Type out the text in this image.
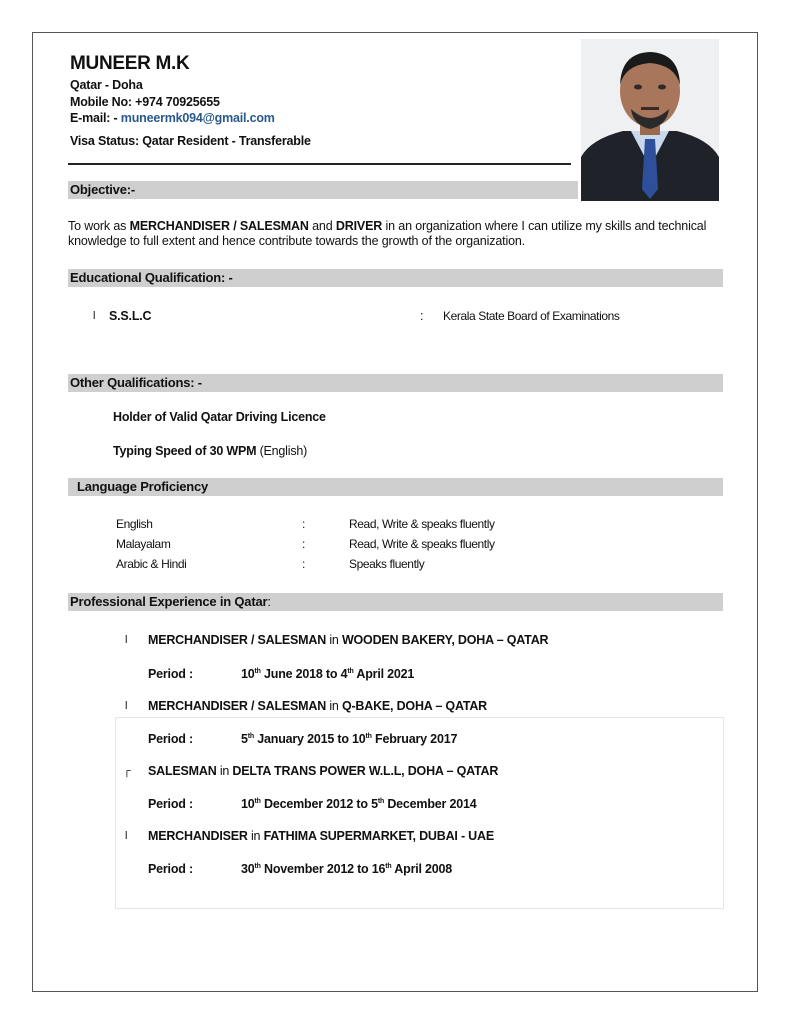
MUNEER M.K
Qatar - Doha
Mobile No: +974 70925655
E-mail: - muneermk094@gmail.com
Visa Status: Qatar Resident - Transferable
Objective:-
To work as MERCHANDISER / SALESMAN and DRIVER in an organization where I can utilize my skills and technical knowledge to full extent and hence contribute towards the growth of the organization.
Educational Qualification: -
l S.S.L.C	: Kerala State Board of Examinations
Other Qualifications: -
Holder of Valid Qatar Driving Licence
Typing Speed of 30 WPM (English)
Language Proficiency
English	:	Read, Write & speaks fluently
Malayalam	:	Read, Write & speaks fluently
Arabic & Hindi	:	Speaks fluently
Professional Experience in Qatar:
l MERCHANDISER / SALESMAN in WOODEN BAKERY, DOHA – QATAR
Period :	10th June 2018 to 4th April 2021
l MERCHANDISER / SALESMAN in Q-BAKE, DOHA – QATAR
Period :	5th January 2015 to 10th February 2017
┌ SALESMAN in DELTA TRANS POWER W.L.L, DOHA – QATAR
Period :	10th December 2012 to 5th December 2014
l MERCHANDISER in FATHIMA SUPERMARKET, DUBAI - UAE
Period :	30th November 2012 to 16th April 2008
